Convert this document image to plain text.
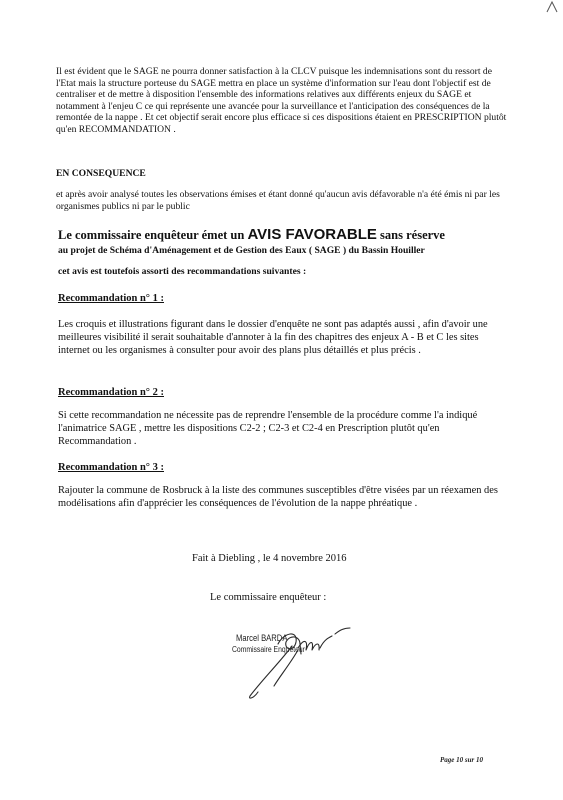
Il est évident que le SAGE ne pourra donner satisfaction à la CLCV puisque les indemnisations sont du ressort de l'Etat mais la structure porteuse du SAGE mettra en place un système d'information sur l'eau dont l'objectif est de centraliser et de mettre à disposition l'ensemble des informations relatives aux différents enjeux du SAGE et notamment à l'enjeu C ce qui représente une avancée pour la surveillance et l'anticipation des conséquences de la remontée de la nappe . Et cet objectif serait encore plus efficace si ces dispositions étaient en PRESCRIPTION plutôt qu'en RECOMMANDATION .

EN CONSEQUENCE

et après avoir analysé toutes les observations émises et étant donné qu'aucun avis défavorable n'a été émis ni par les organismes publics ni par le public

Le commissaire enquêteur émet un AVIS FAVORABLE sans réserve
au projet de Schéma d'Aménagement et de Gestion des Eaux ( SAGE ) du Bassin Houiller
cet avis est toutefois assorti des recommandations suivantes :
Recommandation n° 1 :

Les croquis et illustrations figurant dans le dossier d'enquête ne sont pas adaptés aussi , afin d'avoir une meilleures visibilité il serait souhaitable d'annoter à la fin des chapitres des enjeux A - B et C les sites internet ou les organismes à consulter pour avoir des plans plus détaillés et plus précis .

Recommandation n° 2 :

Si cette recommandation ne nécessite pas de reprendre l'ensemble de la procédure comme l'a indiqué l'animatrice SAGE , mettre les dispositions C2-2 ; C2-3 et C2-4 en Prescription plutôt qu'en Recommandation .

Recommandation n° 3 :

Rajouter la commune de Rosbruck à la liste des communes susceptibles d'être visées par un réexamen des modélisations afin d'apprécier les conséquences de l'évolution de la nappe phréatique .

Fait à Diebling , le 4 novembre 2016
Le commissaire enquêteur :
Marcel BARDA
Commissaire Enquêteur
Page 10 sur 10
